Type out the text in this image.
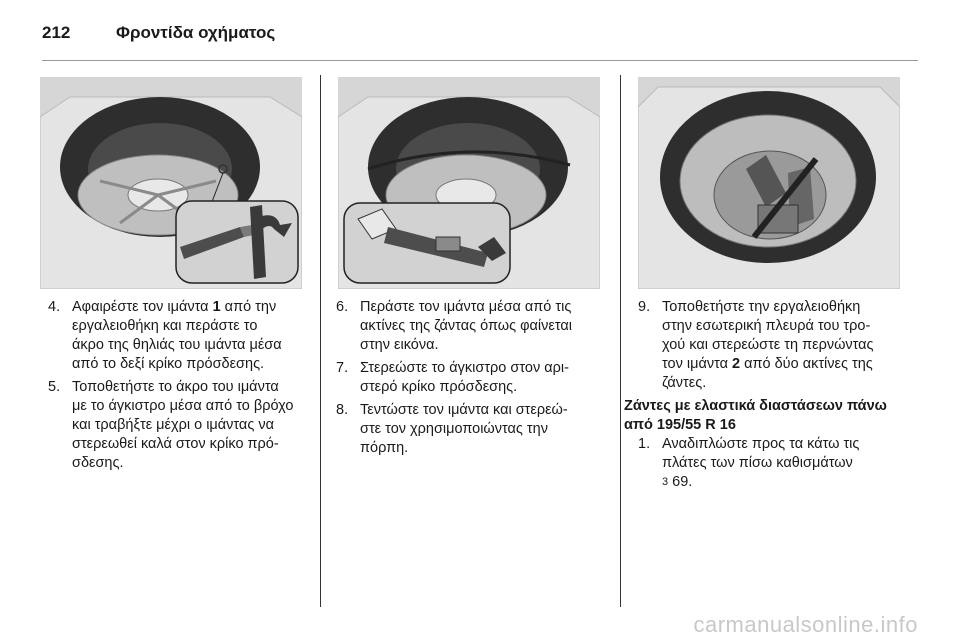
212	Φροντίδα οχήματος
4. Αφαιρέστε τον ιμάντα 1 από την
εργαλειοθήκη και περάστε το
άκρο της θηλιάς του ιμάντα μέσα
από το δεξί κρίκο πρόσδεσης.
5. Τοποθετήστε το άκρο του ιμάντα
με το άγκιστρο μέσα από το βρόχο
και τραβήξτε μέχρι ο ιμάντας να
στερεωθεί καλά στον κρίκο πρό-
σδεσης.
6. Περάστε τον ιμάντα μέσα από τις
ακτίνες της ζάντας όπως φαίνεται
στην εικόνα.
7. Στερεώστε το άγκιστρο στον αρι-
στερό κρίκο πρόσδεσης.
8. Τεντώστε τον ιμάντα και στερεώ-
στε τον χρησιμοποιώντας την
πόρπη.
9. Τοποθετήστε την εργαλειοθήκη
στην εσωτερική πλευρά του τρο-
χού και στερεώστε τη περνώντας
τον ιμάντα 2 από δύο ακτίνες της
ζάντες.
Ζάντες με ελαστικά διαστάσεων πάνω
από 195/55 R 16
1. Αναδιπλώστε προς τα κάτω τις
πλάτες των πίσω καθισμάτων
3 69.
carmanualsonline.info
